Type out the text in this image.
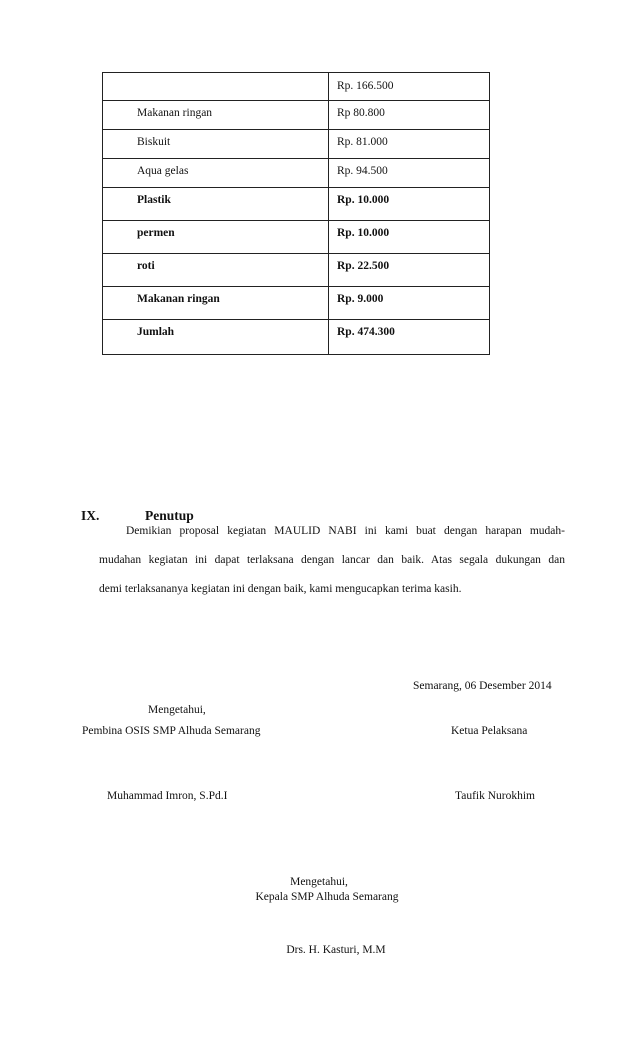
	Rp. 166.500
Makanan ringan	Rp 80.800
Biskuit	Rp. 81.000
Aqua gelas	Rp. 94.500
Plastik	Rp. 10.000
permen	Rp. 10.000
roti	Rp. 22.500
Makanan ringan	Rp. 9.000
Jumlah	Rp. 474.300
IX.	Penutup

Demikian proposal kegiatan MAULID NABI ini kami buat dengan harapan mudah-

mudahan kegiatan ini dapat terlaksana dengan lancar dan baik. Atas segala dukungan dan

demi terlaksananya kegiatan ini dengan baik, kami mengucapkan terima kasih.

Semarang, 06 Desember 2014
Mengetahui,
Pembina OSIS SMP Alhuda Semarang	Ketua Pelaksana
Muhammad Imron, S.Pd.I	Taufik Nurokhim
Mengetahui,
Kepala SMP Alhuda Semarang
Drs. H. Kasturi, M.M
